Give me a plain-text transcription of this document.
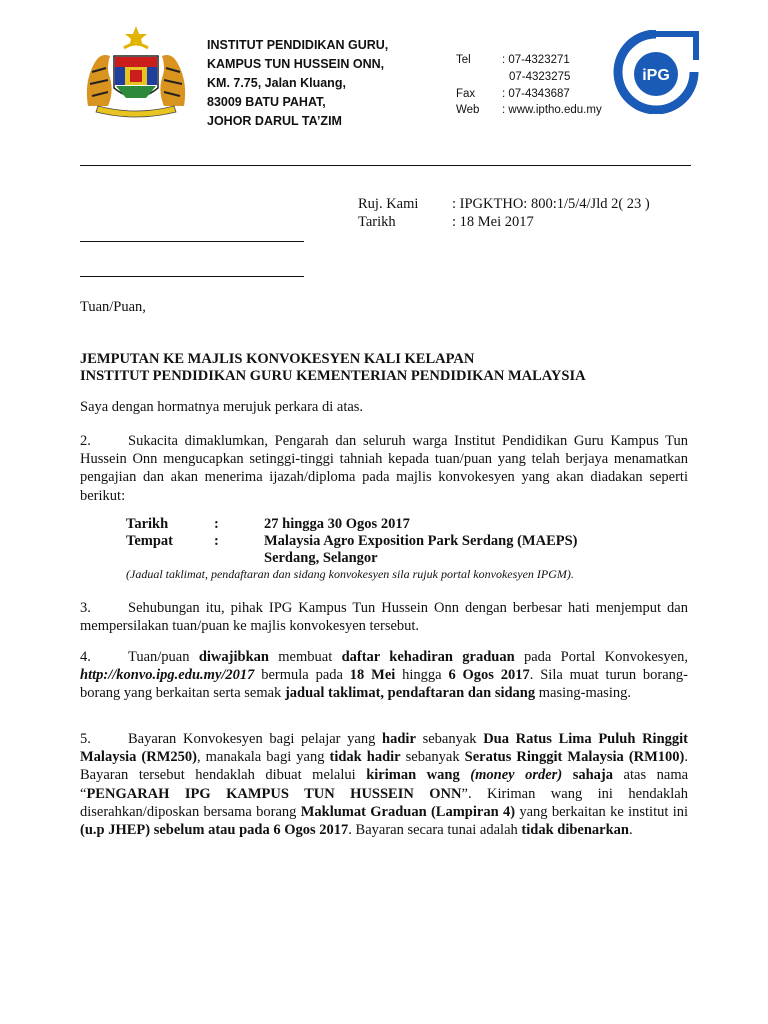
INSTITUT PENDIDIKAN GURU,
KAMPUS TUN HUSSEIN ONN,
KM. 7.75, Jalan Kluang,
83009 BATU PAHAT,
JOHOR DARUL TA’ZIM
Tel	: 07-4323271
07-4323275
Fax	: 07-4343687
Web	: www.iptho.edu.my
iPG
Ruj. Kami	: IPGKTHO: 800:1/5/4/Jld 2( 23 )
Tarikh	: 18 Mei 2017
Tuan/Puan,
JEMPUTAN KE MAJLIS KONVOKESYEN KALI KELAPAN
INSTITUT PENDIDIKAN GURU KEMENTERIAN PENDIDIKAN MALAYSIA
Saya dengan hormatnya merujuk perkara di atas.
2.	Sukacita dimaklumkan, Pengarah dan seluruh warga Institut Pendidikan Guru Kampus Tun Hussein Onn mengucapkan setinggi-tinggi tahniah kepada tuan/puan yang telah berjaya menamatkan pengajian dan akan menerima ijazah/diploma pada majlis konvokesyen yang akan diadakan seperti berikut:
Tarikh	:	27 hingga 30 Ogos 2017
Tempat	:	Malaysia Agro Exposition Park Serdang (MAEPS)
Serdang, Selangor
(Jadual taklimat, pendaftaran dan sidang konvokesyen sila rujuk portal konvokesyen IPGM).
3.	Sehubungan itu, pihak IPG Kampus Tun Hussein Onn dengan berbesar hati menjemput dan mempersilakan tuan/puan ke majlis konvokesyen tersebut.
4.	Tuan/puan diwajibkan membuat daftar kehadiran graduan pada Portal Konvokesyen, http://konvo.ipg.edu.my/2017 bermula pada 18 Mei hingga 6 Ogos 2017. Sila muat turun borang-borang yang berkaitan serta semak jadual taklimat, pendaftaran dan sidang masing-masing.
5.	Bayaran Konvokesyen bagi pelajar yang hadir sebanyak Dua Ratus Lima Puluh Ringgit Malaysia (RM250), manakala bagi yang tidak hadir sebanyak Seratus Ringgit Malaysia (RM100). Bayaran tersebut hendaklah dibuat melalui kiriman wang (money order) sahaja atas nama “PENGARAH IPG KAMPUS TUN HUSSEIN ONN”. Kiriman wang ini hendaklah diserahkan/diposkan bersama borang Maklumat Graduan (Lampiran 4) yang berkaitan ke institut ini (u.p JHEP) sebelum atau pada 6 Ogos 2017. Bayaran secara tunai adalah tidak dibenarkan.
